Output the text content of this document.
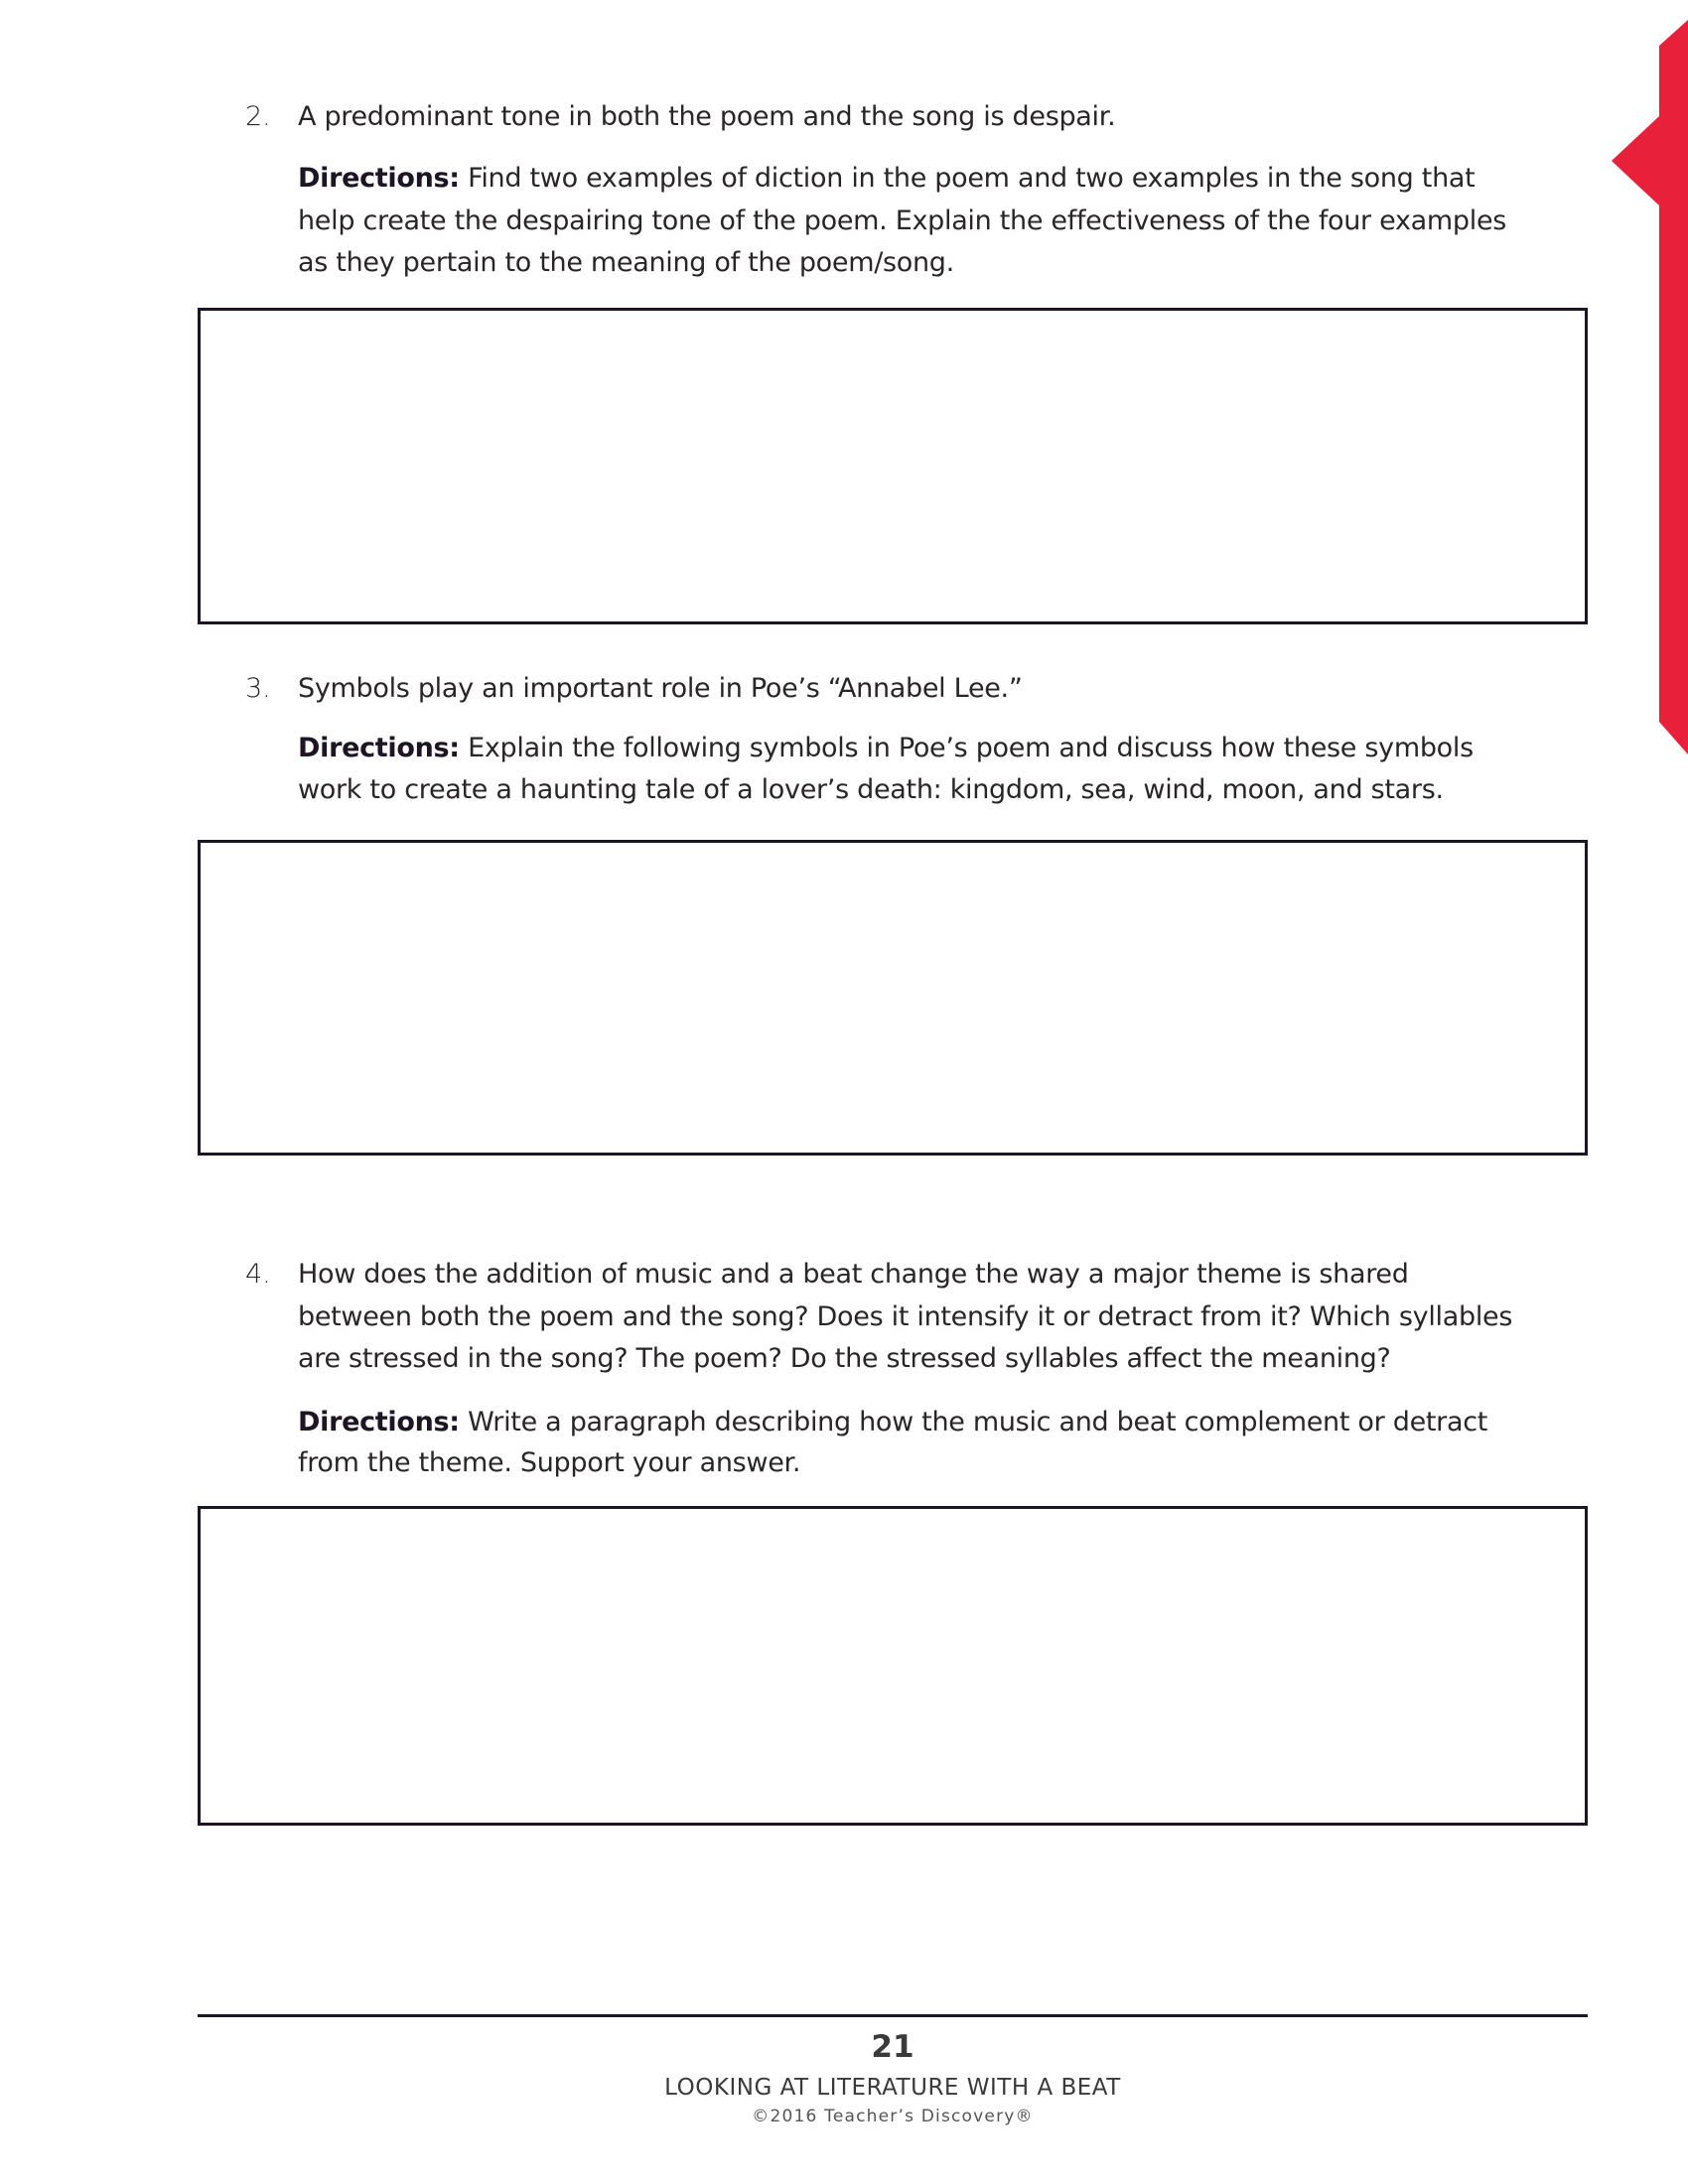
2. A predominant tone in both the poem and the song is despair.
Directions: Find two examples of diction in the poem and two examples in the song that
help create the despairing tone of the poem. Explain the effectiveness of the four examples
as they pertain to the meaning of the poem/song.
3. Symbols play an important role in Poe’s “Annabel Lee.”
Directions: Explain the following symbols in Poe’s poem and discuss how these symbols
work to create a haunting tale of a lover’s death: kingdom, sea, wind, moon, and stars.
4. How does the addition of music and a beat change the way a major theme is shared
between both the poem and the song? Does it intensify it or detract from it? Which syllables
are stressed in the song? The poem? Do the stressed syllables affect the meaning?
Directions: Write a paragraph describing how the music and beat complement or detract
from the theme. Support your answer.
21
LOOKING AT LITERATURE WITH A BEAT
©2016 Teacher’s Discovery®
